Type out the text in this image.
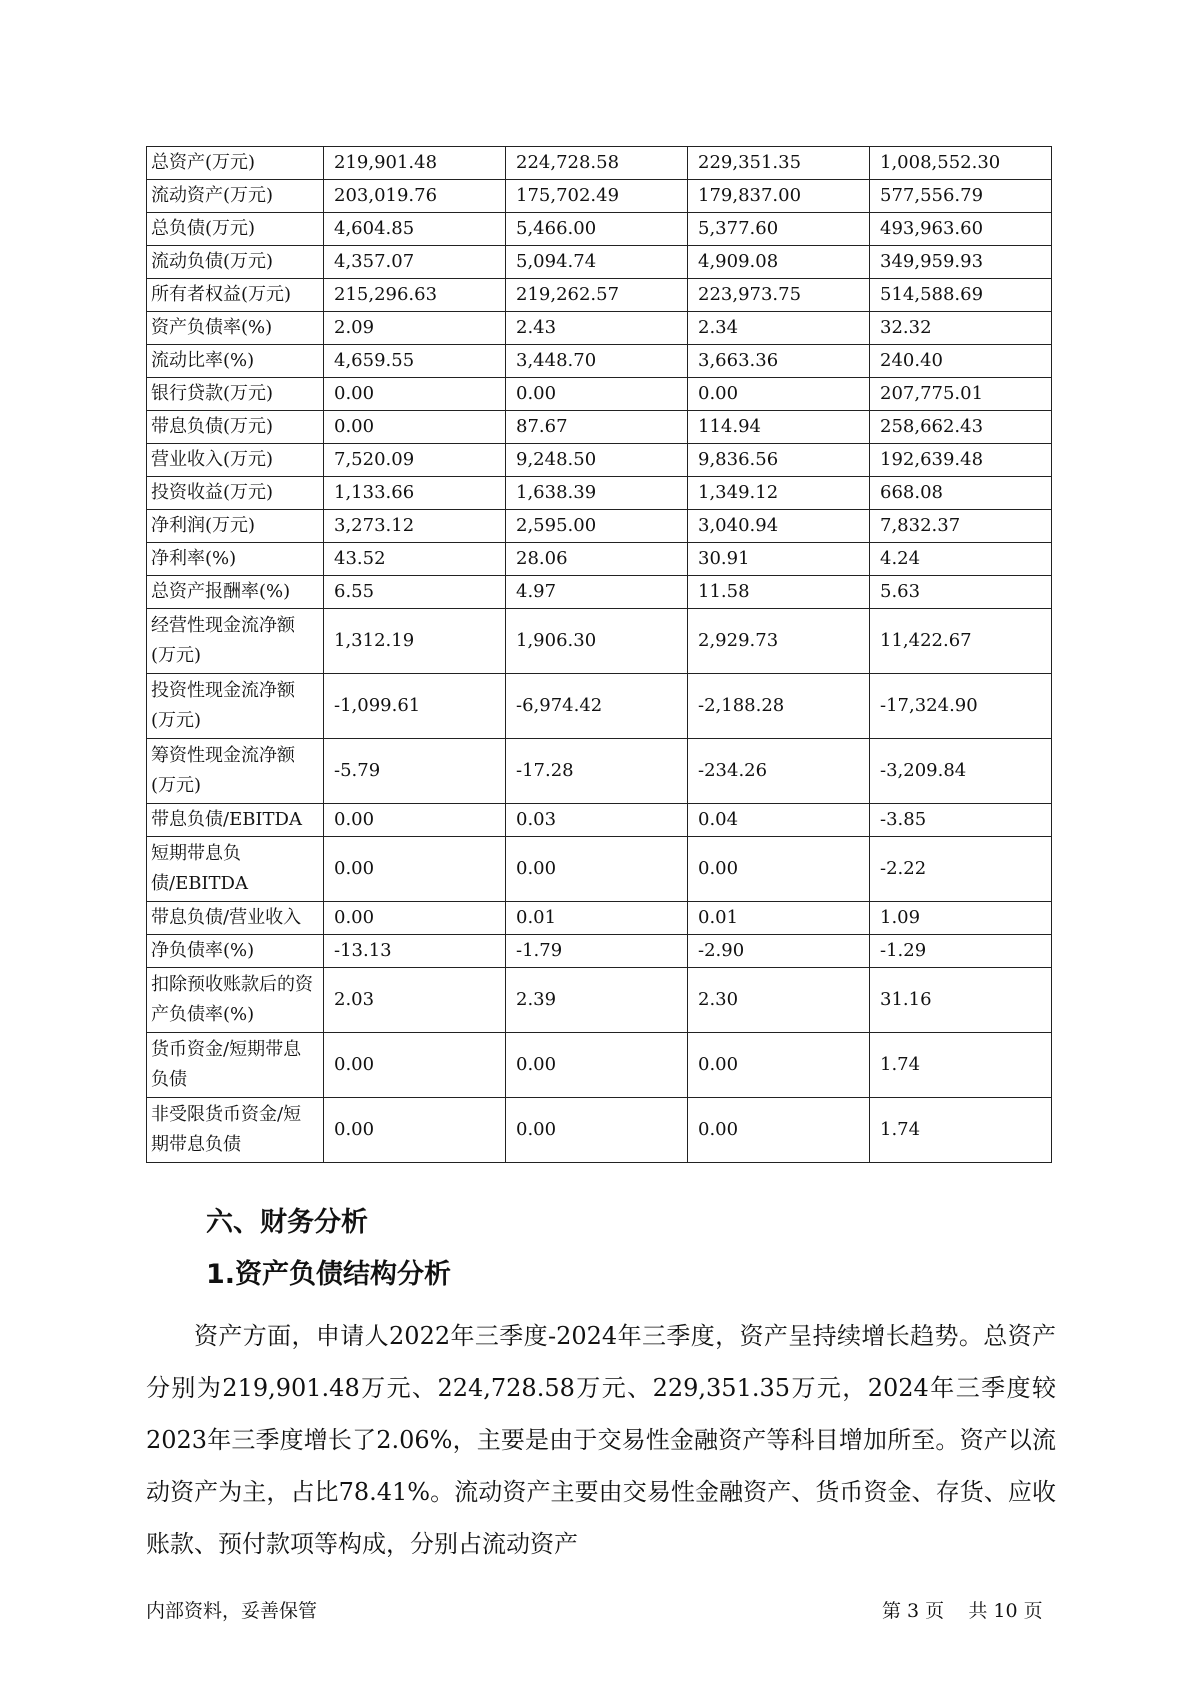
总资产(万元)	219,901.48	224,728.58	229,351.35	1,008,552.30
流动资产(万元)	203,019.76	175,702.49	179,837.00	577,556.79
总负债(万元)	4,604.85	5,466.00	5,377.60	493,963.60
流动负债(万元)	4,357.07	5,094.74	4,909.08	349,959.93
所有者权益(万元)	215,296.63	219,262.57	223,973.75	514,588.69
资产负债率(%)	2.09	2.43	2.34	32.32
流动比率(%)	4,659.55	3,448.70	3,663.36	240.40
银行贷款(万元)	0.00	0.00	0.00	207,775.01
带息负债(万元)	0.00	87.67	114.94	258,662.43
营业收入(万元)	7,520.09	9,248.50	9,836.56	192,639.48
投资收益(万元)	1,133.66	1,638.39	1,349.12	668.08
净利润(万元)	3,273.12	2,595.00	3,040.94	7,832.37
净利率(%)	43.52	28.06	30.91	4.24
总资产报酬率(%)	6.55	4.97	11.58	5.63
经营性现金流净额(万元)	1,312.19	1,906.30	2,929.73	11,422.67
投资性现金流净额(万元)	-1,099.61	-6,974.42	-2,188.28	-17,324.90
筹资性现金流净额(万元)	-5.79	-17.28	-234.26	-3,209.84
带息负债/EBITDA	0.00	0.03	0.04	-3.85
短期带息负债/EBITDA	0.00	0.00	0.00	-2.22
带息负债/营业收入	0.00	0.01	0.01	1.09
净负债率(%)	-13.13	-1.79	-2.90	-1.29
扣除预收账款后的资产负债率(%)	2.03	2.39	2.30	31.16
货币资金/短期带息负债	0.00	0.00	0.00	1.74
非受限货币资金/短期带息负债	0.00	0.00	0.00	1.74
六、财务分析
1.资产负债结构分析

资产方面，申请人2022年三季度-2024年三季度，资产呈持续增长趋势。总资产分别为219,901.48万元、224,728.58万元、229,351.35万元，2024年三季度较2023年三季度增长了2.06%，主要是由于交易性金融资产等科目增加所至。资产以流动资产为主，占比78.41%。流动资产主要由交易性金融资产、货币资金、存货、应收账款、预付款项等构成，分别占流动资产

内部资料，妥善保管	第 3 页 共 10 页
